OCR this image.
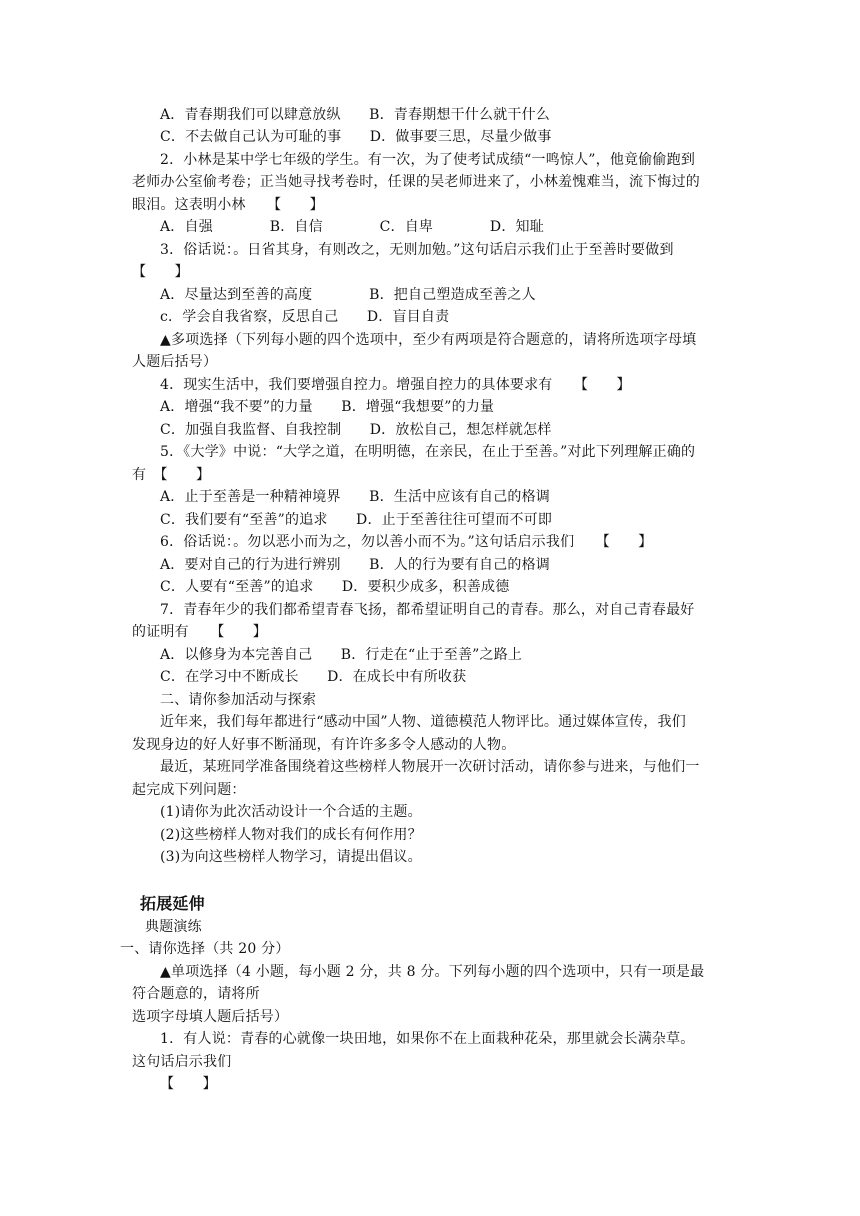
A．青春期我们可以肆意放纵　　B．青春期想干什么就干什么

C．不去做自己认为可耻的事　　D．做事要三思，尽量少做事

2．小林是某中学七年级的学生。有一次，为了使考试成绩“一鸣惊人”，他竟偷偷跑到

老师办公室偷考卷；正当她寻找考卷时，任课的吴老师进来了，小林羞愧难当，流下悔过的

眼泪。这表明小林　　【　　】

A．自强　　　　B．自信　　　　C．自卑　　　　D．知耻

3．俗话说：。日省其身，有则改之，无则加勉。”这句话启示我们止于至善时要做到

【　　】

A．尽量达到至善的高度　　　　B．把自己塑造成至善之人

c．学会自我省察，反思自己　　D．盲目自责

▲多项选择（下列每小题的四个选项中，至少有两项是符合题意的，请将所选项字母填

人题后括号）

4．现实生活中，我们要增强自控力。增强自控力的具体要求有　　【　　】

A．增强“我不要”的力量　　B．增强“我想要”的力量

C．加强自我监督、自我控制　　D．放松自己，想怎样就怎样

5．《大学》中说：“大学之道，在明明德，在亲民，在止于至善。”对此下列理解正确的

有　【　　】

A．止于至善是一种精神境界　　B．生活中应该有自己的格调

C．我们要有“至善”的追求　　D．止于至善往往可望而不可即

6．俗话说：。勿以恶小而为之，勿以善小而不为。”这句话启示我们　　【　　】

A．要对自己的行为进行辨别　　B．人的行为要有自己的格调

C．人要有“至善”的追求　　D．要积少成多，积善成德

7．青春年少的我们都希望青春飞扬，都希望证明自己的青春。那么，对自己青春最好

的证明有　　【　　】

A．以修身为本完善自己　　B．行走在“止于至善”之路上

C．在学习中不断成长　　D．在成长中有所收获

二、请你参加活动与探索

近年来，我们每年都进行“感动中国”人物、道德模范人物评比。通过媒体宣传，我们

发现身边的好人好事不断涌现，有许许多多令人感动的人物。

最近，某班同学准备围绕着这些榜样人物展开一次研讨活动，请你参与进来，与他们一

起完成下列问题：

(1)请你为此次活动设计一个合适的主题。

(2)这些榜样人物对我们的成长有何作用？

(3)为向这些榜样人物学习，请提出倡议。

拓展延伸

典题演练

一、请你选择（共 20 分）

▲单项选择（4 小题，每小题 2 分，共 8 分。下列每小题的四个选项中，只有一项是最

符合题意的，请将所

选项字母填人题后括号）

1．有人说：青春的心就像一块田地，如果你不在上面栽种花朵，那里就会长满杂草。

这句话启示我们

【　　】
